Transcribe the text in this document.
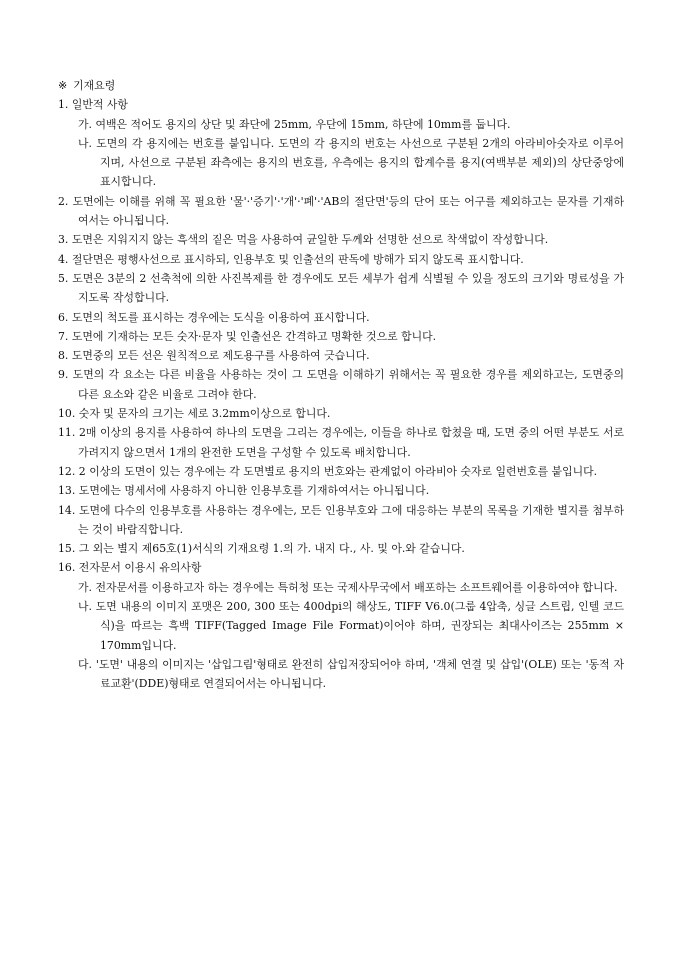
※ 기재요령

1. 일반적 사항

가. 여백은 적어도 용지의 상단 및 좌단에 25mm, 우단에 15mm, 하단에 10mm를 둡니다.

나. 도면의 각 용지에는 번호를 붙입니다. 도면의 각 용지의 번호는 사선으로 구분된 2개의 아라비아숫자로 이루어지며, 사선으로 구분된 좌측에는 용지의 번호를, 우측에는 용지의 합계수를 용지(여백부분 제외)의 상단중앙에 표시합니다.

2. 도면에는 이해를 위해 꼭 필요한 '물'·'증기'·'개'·'폐'·'AB의 절단면'등의 단어 또는 어구를 제외하고는 문자를 기재하여서는 아니됩니다.

3. 도면은 지워지지 않는 흑색의 짙은 먹을 사용하여 균일한 두께와 선명한 선으로 착색없이 작성합니다.

4. 절단면은 평행사선으로 표시하되, 인용부호 및 인출선의 판독에 방해가 되지 않도록 표시합니다.

5. 도면은 3분의 2 선축척에 의한 사진복제를 한 경우에도 모든 세부가 쉽게 식별될 수 있을 정도의 크기와 명료성을 가지도록 작성합니다.

6. 도면의 척도를 표시하는 경우에는 도식을 이용하여 표시합니다.

7. 도면에 기재하는 모든 숫자·문자 및 인출선은 간격하고 명확한 것으로 합니다.

8. 도면중의 모든 선은 원칙적으로 제도용구를 사용하여 긋습니다.

9. 도면의 각 요소는 다른 비율을 사용하는 것이 그 도면을 이해하기 위해서는 꼭 필요한 경우를 제외하고는, 도면중의 다른 요소와 같은 비율로 그려야 한다.

10. 숫자 및 문자의 크기는 세로 3.2mm이상으로 합니다.

11. 2매 이상의 용지를 사용하여 하나의 도면을 그리는 경우에는, 이들을 하나로 합쳤을 때, 도면 중의 어떤 부분도 서로 가려지지 않으면서 1개의 완전한 도면을 구성할 수 있도록 배치합니다.

12. 2 이상의 도면이 있는 경우에는 각 도면별로 용지의 번호와는 관계없이 아라비아 숫자로 일련번호를 붙입니다.

13. 도면에는 명세서에 사용하지 아니한 인용부호를 기재하여서는 아니됩니다.

14. 도면에 다수의 인용부호를 사용하는 경우에는, 모든 인용부호와 그에 대응하는 부분의 목록을 기재한 별지를 첨부하는 것이 바람직합니다.

15. 그 외는 별지 제65호(1)서식의 기재요령 1.의 가. 내지 다., 사. 및 아.와 같습니다.

16. 전자문서 이용시 유의사항

가. 전자문서를 이용하고자 하는 경우에는 특허청 또는 국제사무국에서 배포하는 소프트웨어를 이용하여야 합니다.

나. 도면 내용의 이미지 포맷은 200, 300 또는 400dpi의 해상도, TIFF V6.0(그룹 4압축, 싱글 스트립, 인텔 코드식)을 따르는 흑백 TIFF(Tagged Image File Format)이어야 하며, 권장되는 최대사이즈는 255mm × 170mm입니다.

다. '도면' 내용의 이미지는 '삽입그림'형태로 완전히 삽입저장되어야 하며, '객체 연결 및 삽입'(OLE) 또는 '동적 자료교환'(DDE)형태로 연결되어서는 아니됩니다.
